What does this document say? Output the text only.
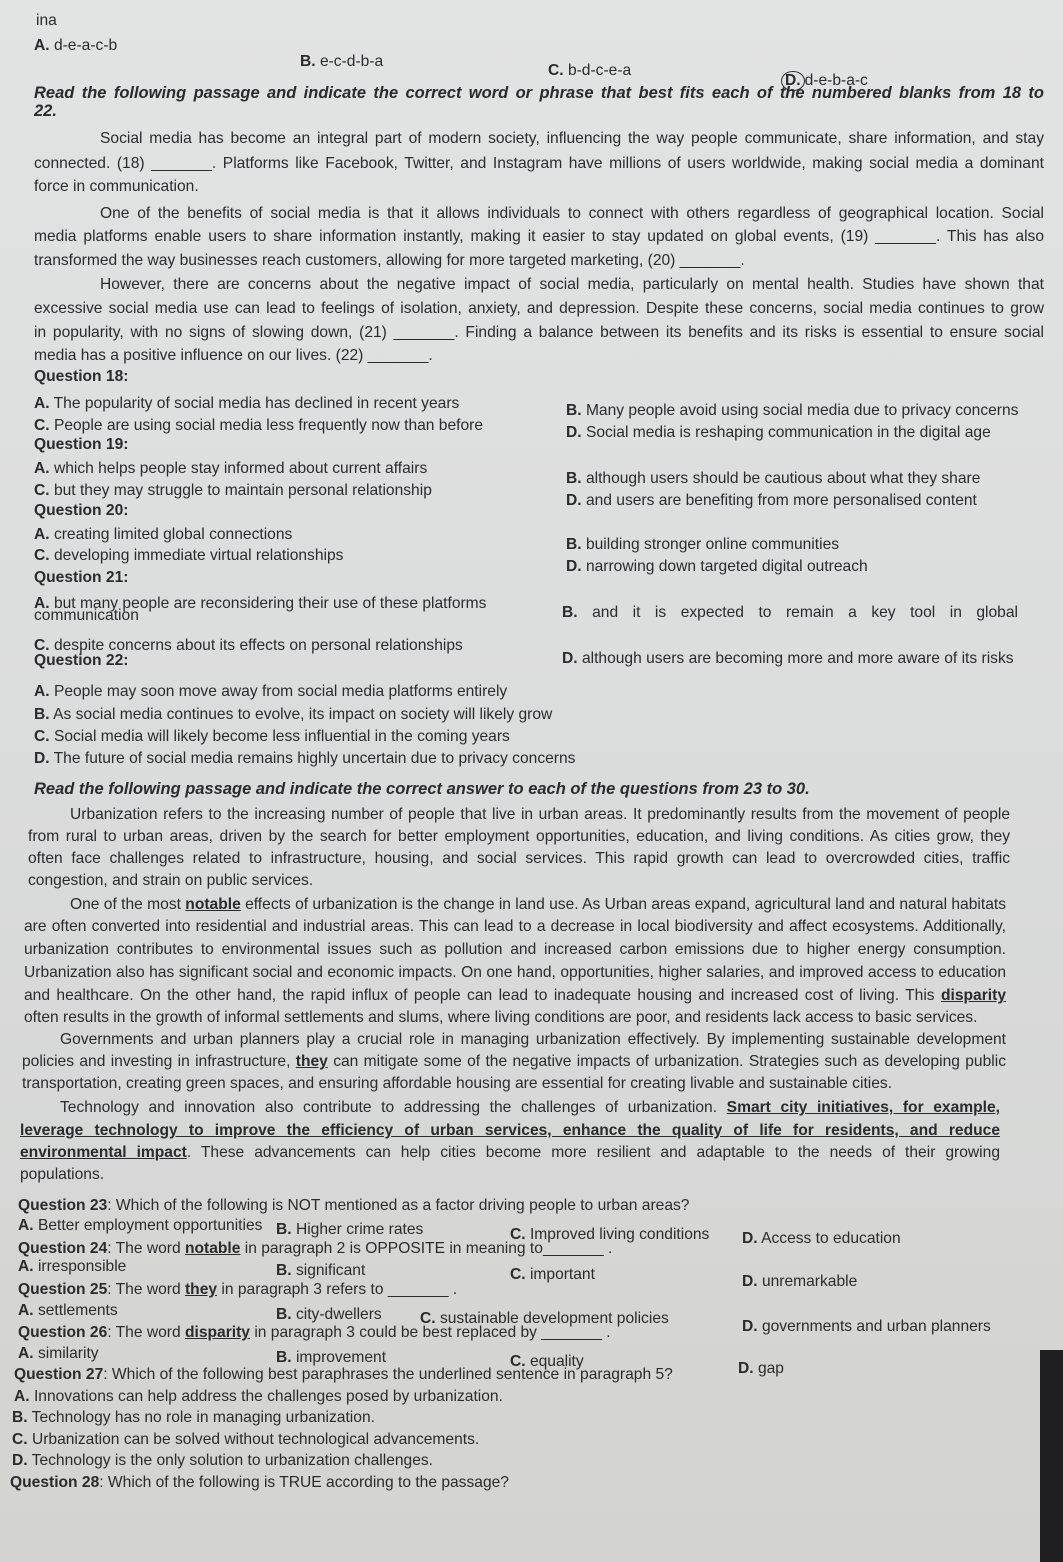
ina
A. d-e-a-c-b
B. e-c-d-b-a
C. b-d-c-e-a
D. d-e-b-a-c
Read the following passage and indicate the correct word or phrase that best fits each of the numbered blanks from 18 to
22.
Social media has become an integral part of modern society, influencing the way people communicate, share information, and stay
connected. (18) _______. Platforms like Facebook, Twitter, and Instagram have millions of users worldwide, making social media a dominant
force in communication.
One of the benefits of social media is that it allows individuals to connect with others regardless of geographical location. Social
media platforms enable users to share information instantly, making it easier to stay updated on global events, (19) _______. This has also
transformed the way businesses reach customers, allowing for more targeted marketing, (20) _______.
However, there are concerns about the negative impact of social media, particularly on mental health. Studies have shown that
excessive social media use can lead to feelings of isolation, anxiety, and depression. Despite these concerns, social media continues to grow
in popularity, with no signs of slowing down, (21) _______. Finding a balance between its benefits and its risks is essential to ensure social
media has a positive influence on our lives. (22) _______.
Question 18:
A. The popularity of social media has declined in recent years	B. Many people avoid using social media due to privacy concerns
C. People are using social media less frequently now than before	D. Social media is reshaping communication in the digital age
Question 19:
A. which helps people stay informed about current affairs
B. although users should be cautious about what they share
C. but they may struggle to maintain personal relationship
D. and users are benefiting from more personalised content
Question 20:
A. creating limited global connections
B. building stronger online communities
C. developing immediate virtual relationships
D. narrowing down targeted digital outreach
Question 21:
A. but many people are reconsidering their use of these platforms
communication	B. and it is expected to remain a key tool in global
C. despite concerns about its effects on personal relationships
D. although users are becoming more and more aware of its risks
Question 22:
A. People may soon move away from social media platforms entirely
B. As social media continues to evolve, its impact on society will likely grow
C. Social media will likely become less influential in the coming years
D. The future of social media remains highly uncertain due to privacy concerns
Read the following passage and indicate the correct answer to each of the questions from 23 to 30.
Urbanization refers to the increasing number of people that live in urban areas. It predominantly results from the movement of people
from rural to urban areas, driven by the search for better employment opportunities, education, and living conditions. As cities grow, they
often face challenges related to infrastructure, housing, and social services. This rapid growth can lead to overcrowded cities, traffic
congestion, and strain on public services.
One of the most notable effects of urbanization is the change in land use. As Urban areas expand, agricultural land and natural habitats
are often converted into residential and industrial areas. This can lead to a decrease in local biodiversity and affect ecosystems. Additionally,
urbanization contributes to environmental issues such as pollution and increased carbon emissions due to higher energy consumption.
Urbanization also has significant social and economic impacts. On one hand, opportunities, higher salaries, and improved access to education
and healthcare. On the other hand, the rapid influx of people can lead to inadequate housing and increased cost of living. This disparity
often results in the growth of informal settlements and slums, where living conditions are poor, and residents lack access to basic services.
Governments and urban planners play a crucial role in managing urbanization effectively. By implementing sustainable development
policies and investing in infrastructure, they can mitigate some of the negative impacts of urbanization. Strategies such as developing public
transportation, creating green spaces, and ensuring affordable housing are essential for creating livable and sustainable cities.
Technology and innovation also contribute to addressing the challenges of urbanization. Smart city initiatives, for example,
leverage technology to improve the efficiency of urban services, enhance the quality of life for residents, and reduce
environmental impact. These advancements can help cities become more resilient and adaptable to the needs of their growing
populations.
Question 23: Which of the following is NOT mentioned as a factor driving people to urban areas?
A. Better employment opportunities B. Higher crime rates	C. Improved living conditions D. Access to education
Question 24: The word notable in paragraph 2 is OPPOSITE in meaning to_______ .
A. irresponsible	B. significant	C. important	D. unremarkable
Question 25: The word they in paragraph 3 refers to _______ .
A. settlements	B. city-dwellers C. sustainable development policies	D. governments and urban planners
Question 26: The word disparity in paragraph 3 could be best replaced by _______ .
A. similarity	B. improvement	C. equality	D. gap
Question 27: Which of the following best paraphrases the underlined sentence in paragraph 5?
A. Innovations can help address the challenges posed by urbanization.
B. Technology has no role in managing urbanization.
C. Urbanization can be solved without technological advancements.
D. Technology is the only solution to urbanization challenges.
Question 28: Which of the following is TRUE according to the passage?
